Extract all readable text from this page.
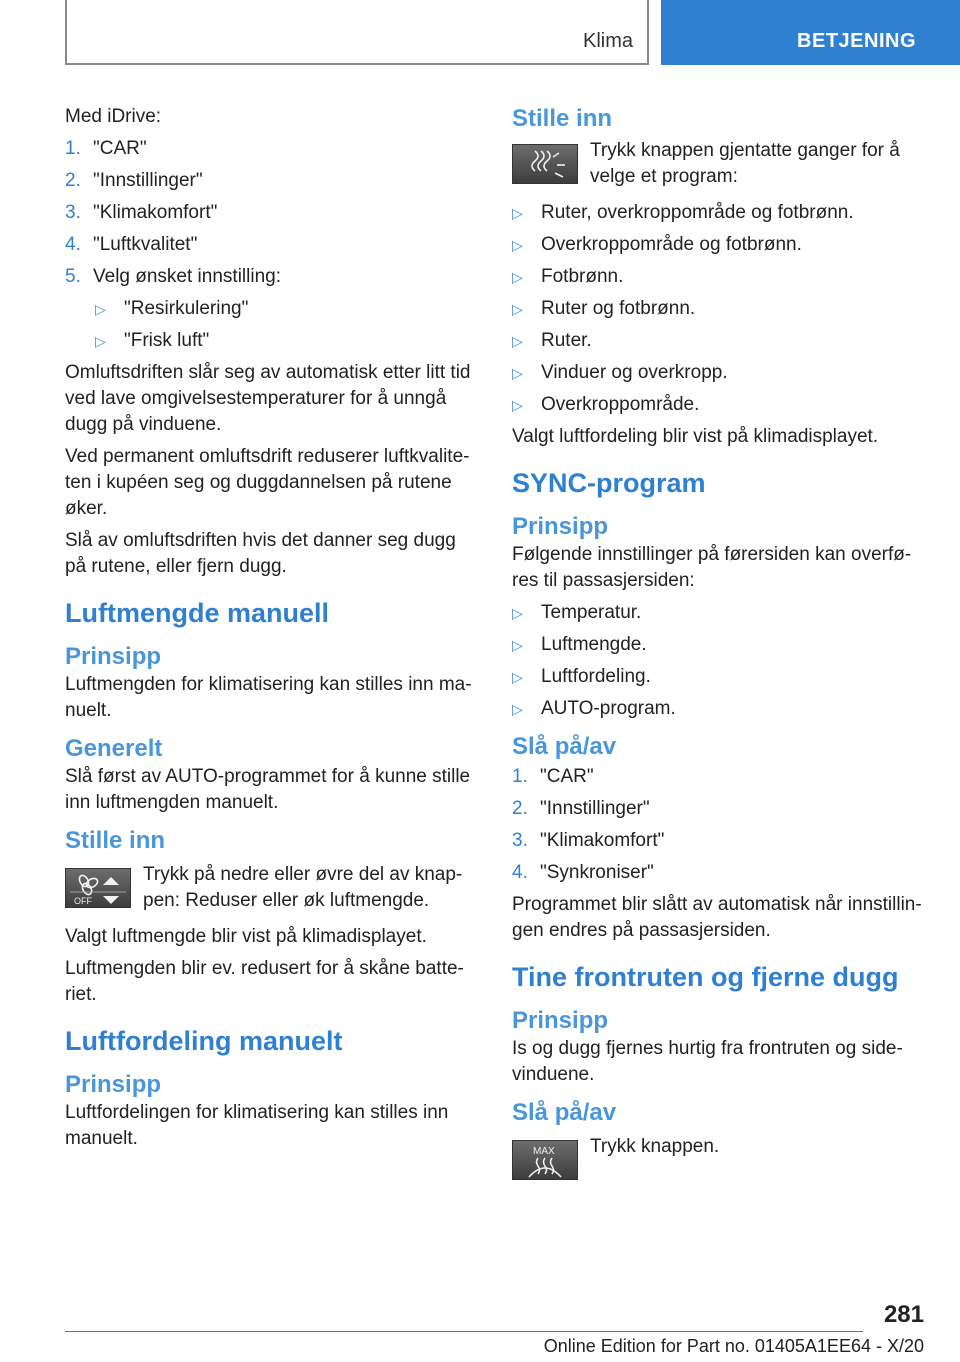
Klima	BETJENING

Med iDrive:

1. "CAR"
2. "Innstillinger"
3. "Klimakomfort"
4. "Luftkvalitet"
5. Velg ønsket innstilling:
▷ "Resirkulering"
▷ "Frisk luft"

Omluftsdriften slår seg av automatisk etter litt tid ved lave omgivelsestemperaturer for å unngå dugg på vinduene.

Ved permanent omluftsdrift reduserer luftkvalite-ten i kupéen seg og duggdannelsen på rutene øker.

Slå av omluftsdriften hvis det danner seg dugg på rutene, eller fjern dugg.

Luftmengde manuell
Prinsipp

Luftmengden for klimatisering kan stilles inn ma-nuelt.

Generelt

Slå først av AUTO-programmet for å kunne stille inn luftmengden manuelt.

Stille inn
OFF

Trykk på nedre eller øvre del av knap-pen: Reduser eller øk luftmengde.

Valgt luftmengde blir vist på klimadisplayet.

Luftmengden blir ev. redusert for å skåne batte-riet.

Luftfordeling manuelt
Prinsipp

Luftfordelingen for klimatisering kan stilles inn manuelt.

Stille inn

Trykk knappen gjentatte ganger for å velge et program:

▷ Ruter, overkroppområde og fotbrønn.
▷ Overkroppområde og fotbrønn.
▷ Fotbrønn.
▷ Ruter og fotbrønn.
▷ Ruter.
▷ Vinduer og overkropp.
▷ Overkroppområde.

Valgt luftfordeling blir vist på klimadisplayet.

SYNC-program
Prinsipp

Følgende innstillinger på førersiden kan overfø-res til passasjersiden:

▷ Temperatur.
▷ Luftmengde.
▷ Luftfordeling.
▷ AUTO-program.
Slå på/av
1. "CAR"
2. "Innstillinger"
3. "Klimakomfort"
4. "Synkroniser"

Programmet blir slått av automatisk når innstillin-gen endres på passasjersiden.

Tine frontruten og fjerne dugg
Prinsipp

Is og dugg fjernes hurtig fra frontruten og side-vinduene.

Slå på/av
MAX Trykk knappen.

281
Online Edition for Part no. 01405A1EE64 - X/20
